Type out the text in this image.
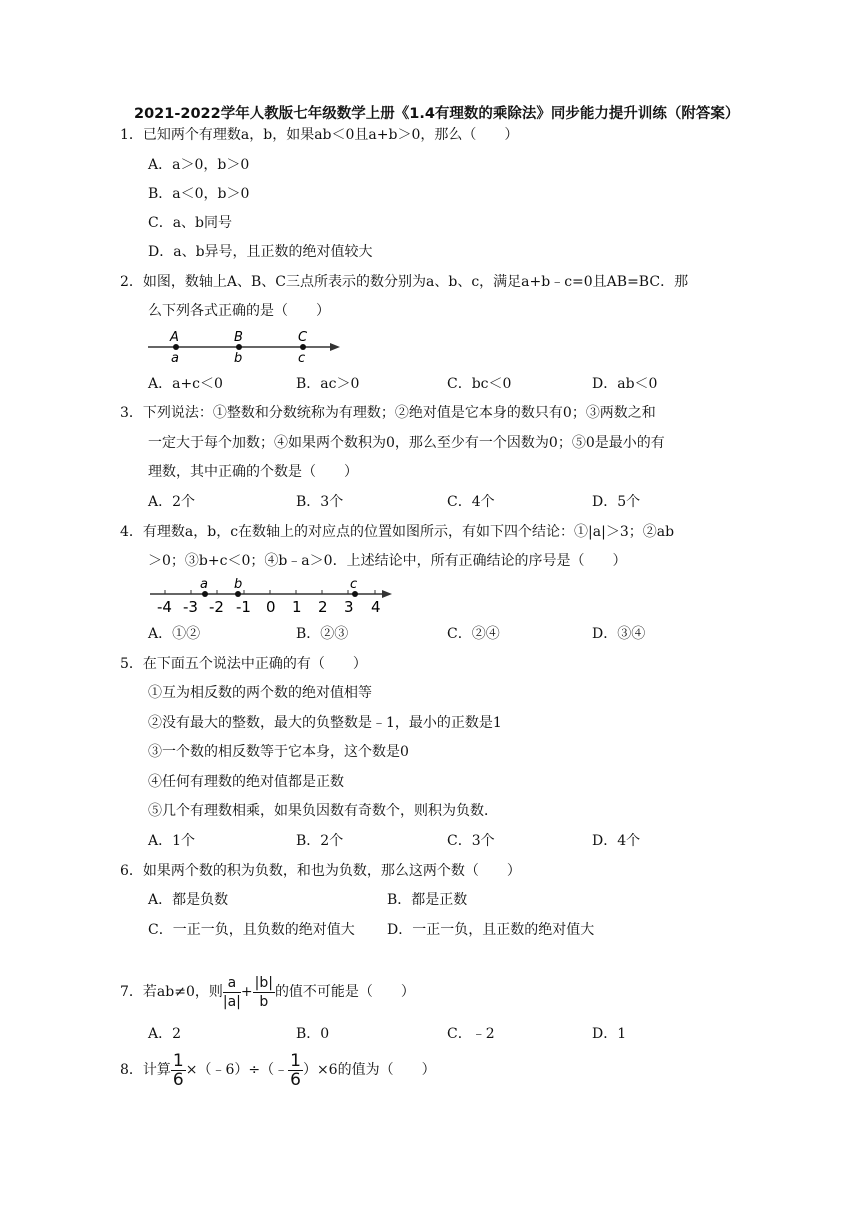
2021-2022学年人教版七年级数学上册《1.4有理数的乘除法》同步能力提升训练（附答案）
1．已知两个有理数a，b，如果ab＜0且a+b＞0，那么（　　）
A．a＞0，b＞0
B．a＜0，b＞0
C．a、b同号
D．a、b异号，且正数的绝对值较大
2．如图，数轴上A、B、C三点所表示的数分别为a、b、c，满足a+b﹣c=0且AB=BC．那
么下列各式正确的是（　　）
A	B	C
a	b	c
A．a+c＜0	B．ac＞0	C．bc＜0	D．ab＜0
3．下列说法：①整数和分数统称为有理数；②绝对值是它本身的数只有0；③两数之和
一定大于每个加数；④如果两个数积为0，那么至少有一个因数为0；⑤0是最小的有
理数，其中正确的个数是（　　）
A．2个	B．3个	C．4个	D．5个
4．有理数a，b，c在数轴上的对应点的位置如图所示，有如下四个结论：①|a|＞3；②ab
＞0；③b+c＜0；④b﹣a＞0．上述结论中，所有正确结论的序号是（　　）
-4 -3 -2 -1 0 1 2 3 4
a b	c
A．①②	B．②③	C．②④	D．③④
5．在下面五个说法中正确的有（　　）
①互为相反数的两个数的绝对值相等
②没有最大的整数，最大的负整数是﹣1，最小的正数是1
③一个数的相反数等于它本身，这个数是0
④任何有理数的绝对值都是正数
⑤几个有理数相乘，如果负因数有奇数个，则积为负数．
A．1个	B．2个	C．3个	D．4个
6．如果两个数的积为负数，和也为负数，那么这两个数（　　）
A．都是负数	B．都是正数
C．一正一负，且负数的绝对值大 D．一正一负，且正数的绝对值大
7．若ab≠0，则 $\frac{a}{|a|} + \frac{|b|}{b}$ 的值不可能是（　　）
A．2	B．0	C．﹣2	D．1
8．计算 $\frac{1}{6}$ ×（﹣6）÷（﹣ $\frac{1}{6} )\times 6$的值为（　　）
